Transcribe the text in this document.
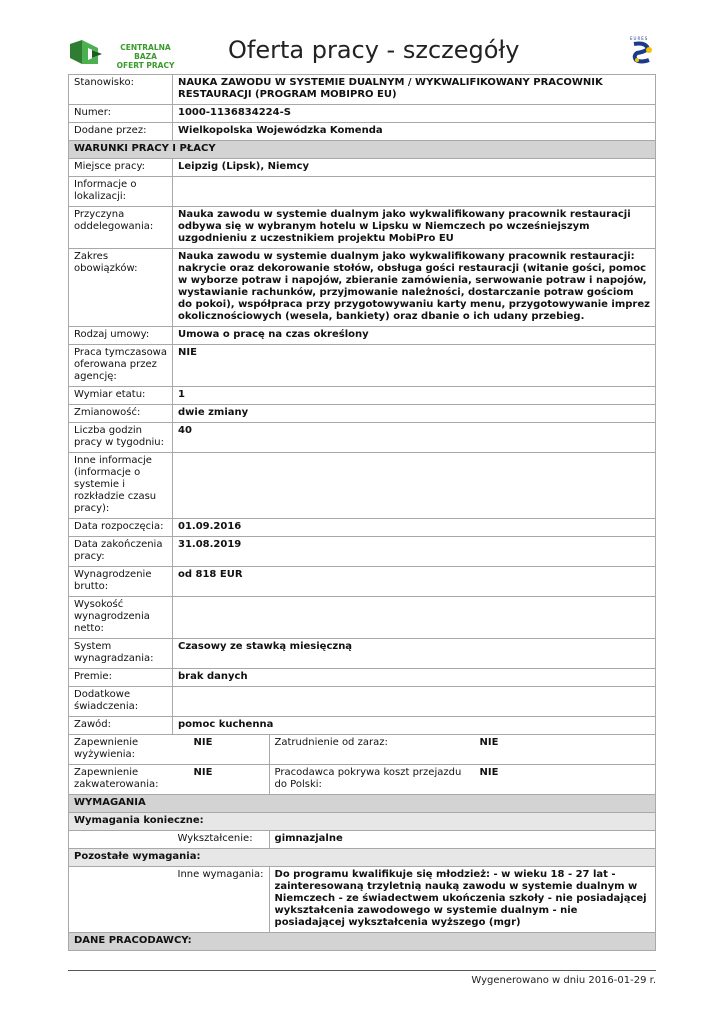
CENTRALNA BAZA
OFERT PRACY
Oferta pracy - szczegóły	EURES
Stanowisko:	NAUKA ZAWODU W SYSTEMIE DUALNYM / WYKWALIFIKOWANY PRACOWNIK RESTAURACJI (PROGRAM MOBIPRO EU)			
Numer:	1000-1136834224-S			
Dodane przez:	Wielkopolska Wojewódzka Komenda			
WARUNKI PRACY I PŁACY				
Miejsce pracy:	Leipzig (Lipsk), Niemcy			
Informacje o lokalizacji:				
Przyczyna oddelegowania:	Nauka zawodu w systemie dualnym jako wykwalifikowany pracownik restauracji odbywa się w wybranym hotelu w Lipsku w Niemczech po wcześniejszym uzgodnieniu z uczestnikiem projektu MobiPro EU			
Zakres obowiązków:	Nauka zawodu w systemie dualnym jako wykwalifikowany pracownik restauracji: nakrycie oraz dekorowanie stołów, obsługa gości restauracji (witanie gości, pomoc w wyborze potraw i napojów, zbieranie zamówienia, serwowanie potraw i napojów, wystawianie rachunków, przyjmowanie należności, dostarczanie potraw gościom do pokoi), współpraca przy przygotowywaniu karty menu, przygotowywanie imprez okolicznościowych (wesela, bankiety) oraz dbanie o ich udany przebieg.			
Rodzaj umowy:	Umowa o pracę na czas określony			
Praca tymczasowa oferowana przez agencję:	NIE			
Wymiar etatu:	1			
Zmianowość:	dwie zmiany			
Liczba godzin pracy w tygodniu:	40			
Inne informacje (informacje o systemie i rozkładzie czasu pracy):				
Data rozpoczęcia:	01.09.2016			
Data zakończenia pracy:	31.08.2019			
Wynagrodzenie brutto:	od 818 EUR			
Wysokość wynagrodzenia netto:				
System wynagradzania:	Czasowy ze stawką miesięczną			
Premie:	brak danych			
Dodatkowe świadczenia:				
Zawód:	pomoc kuchenna			
Zapewnienie wyżywienia:		NIE	Zatrudnienie od zaraz:	NIE
Zapewnienie zakwaterowania:		NIE	Pracodawca pokrywa koszt przejazdu do Polski:	NIE
WYMAGANIA				
Wymagania konieczne:				
	Wykształcenie:		gimnazjalne	
Pozostałe wymagania:				
	Inne wymagania:		Do programu kwalifikuje się młodzież: - w wieku 18 - 27 lat - zainteresowaną trzyletnią nauką zawodu w systemie dualnym w Niemczech - ze świadectwem ukończenia szkoły - nie posiadającej wykształcenia zawodowego w systemie dualnym - nie posiadającej wykształcenia wyższego (mgr)	
DANE PRACODAWCY:				
Wygenerowano w dniu 2016-01-29 r.
